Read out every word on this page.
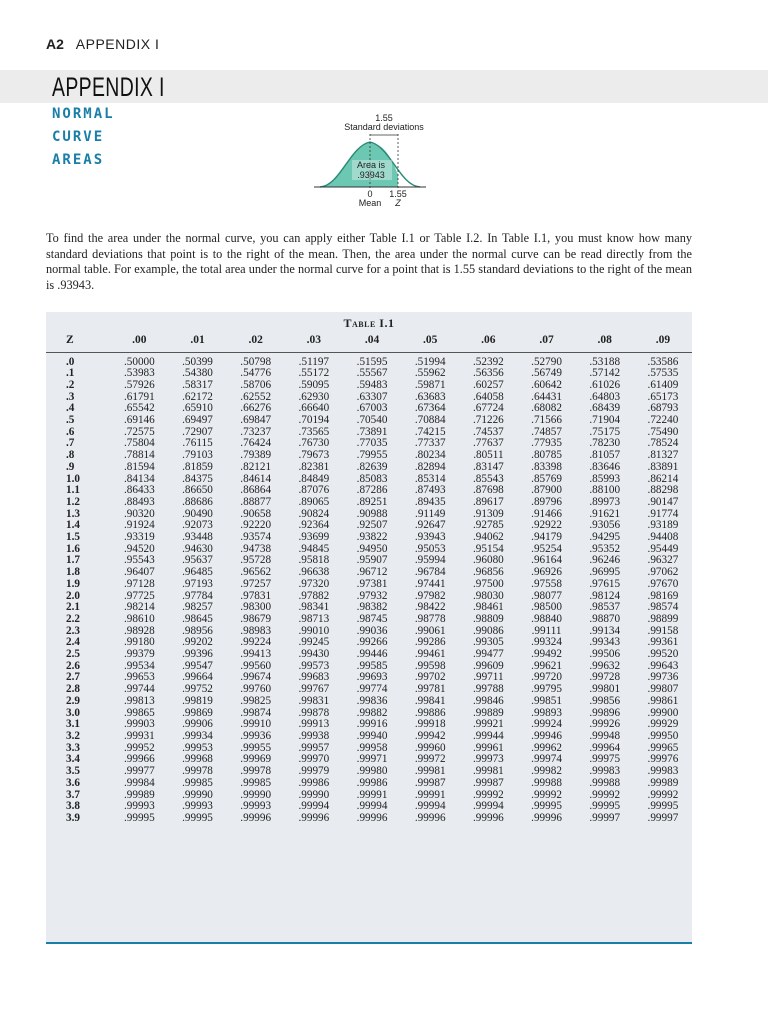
A2 APPENDIX I
APPENDIX I
NORMAL
CURVE
AREAS
1.55
Standard deviations
Area is
.93943
0 1.55
Mean Z

To find the area under the normal curve, you can apply either Table I.1 or Table I.2. In Table I.1, you must know how many standard deviations that point is to the right of the mean. Then, the area under the normal curve can be read directly from the normal table. For example, the total area under the normal curve for a point that is 1.55 standard deviations to the right of the mean is .93943.

Table I.1
Z	.00	.01	.02	.03	.04	.05	.06	.07	.08	.09
.0	.50000	.50399	.50798	.51197	.51595	.51994	.52392	.52790	.53188	.53586
.1	.53983	.54380	.54776	.55172	.55567	.55962	.56356	.56749	.57142	.57535
.2	.57926	.58317	.58706	.59095	.59483	.59871	.60257	.60642	.61026	.61409
.3	.61791	.62172	.62552	.62930	.63307	.63683	.64058	.64431	.64803	.65173
.4	.65542	.65910	.66276	.66640	.67003	.67364	.67724	.68082	.68439	.68793
.5	.69146	.69497	.69847	.70194	.70540	.70884	.71226	.71566	.71904	.72240
.6	.72575	.72907	.73237	.73565	.73891	.74215	.74537	.74857	.75175	.75490
.7	.75804	.76115	.76424	.76730	.77035	.77337	.77637	.77935	.78230	.78524
.8	.78814	.79103	.79389	.79673	.79955	.80234	.80511	.80785	.81057	.81327
.9	.81594	.81859	.82121	.82381	.82639	.82894	.83147	.83398	.83646	.83891
1.0	.84134	.84375	.84614	.84849	.85083	.85314	.85543	.85769	.85993	.86214
1.1	.86433	.86650	.86864	.87076	.87286	.87493	.87698	.87900	.88100	.88298
1.2	.88493	.88686	.88877	.89065	.89251	.89435	.89617	.89796	.89973	.90147
1.3	.90320	.90490	.90658	.90824	.90988	.91149	.91309	.91466	.91621	.91774
1.4	.91924	.92073	.92220	.92364	.92507	.92647	.92785	.92922	.93056	.93189
1.5	.93319	.93448	.93574	.93699	.93822	.93943	.94062	.94179	.94295	.94408
1.6	.94520	.94630	.94738	.94845	.94950	.95053	.95154	.95254	.95352	.95449
1.7	.95543	.95637	.95728	.95818	.95907	.95994	.96080	.96164	.96246	.96327
1.8	.96407	.96485	.96562	.96638	.96712	.96784	.96856	.96926	.96995	.97062
1.9	.97128	.97193	.97257	.97320	.97381	.97441	.97500	.97558	.97615	.97670
2.0	.97725	.97784	.97831	.97882	.97932	.97982	.98030	.98077	.98124	.98169
2.1	.98214	.98257	.98300	.98341	.98382	.98422	.98461	.98500	.98537	.98574
2.2	.98610	.98645	.98679	.98713	.98745	.98778	.98809	.98840	.98870	.98899
2.3	.98928	.98956	.98983	.99010	.99036	.99061	.99086	.99111	.99134	.99158
2.4	.99180	.99202	.99224	.99245	.99266	.99286	.99305	.99324	.99343	.99361
2.5	.99379	.99396	.99413	.99430	.99446	.99461	.99477	.99492	.99506	.99520
2.6	.99534	.99547	.99560	.99573	.99585	.99598	.99609	.99621	.99632	.99643
2.7	.99653	.99664	.99674	.99683	.99693	.99702	.99711	.99720	.99728	.99736
2.8	.99744	.99752	.99760	.99767	.99774	.99781	.99788	.99795	.99801	.99807
2.9	.99813	.99819	.99825	.99831	.99836	.99841	.99846	.99851	.99856	.99861
3.0	.99865	.99869	.99874	.99878	.99882	.99886	.99889	.99893	.99896	.99900
3.1	.99903	.99906	.99910	.99913	.99916	.99918	.99921	.99924	.99926	.99929
3.2	.99931	.99934	.99936	.99938	.99940	.99942	.99944	.99946	.99948	.99950
3.3	.99952	.99953	.99955	.99957	.99958	.99960	.99961	.99962	.99964	.99965
3.4	.99966	.99968	.99969	.99970	.99971	.99972	.99973	.99974	.99975	.99976
3.5	.99977	.99978	.99978	.99979	.99980	.99981	.99981	.99982	.99983	.99983
3.6	.99984	.99985	.99985	.99986	.99986	.99987	.99987	.99988	.99988	.99989
3.7	.99989	.99990	.99990	.99990	.99991	.99991	.99992	.99992	.99992	.99992
3.8	.99993	.99993	.99993	.99994	.99994	.99994	.99994	.99995	.99995	.99995
3.9	.99995	.99995	.99996	.99996	.99996	.99996	.99996	.99996	.99997	.99997
